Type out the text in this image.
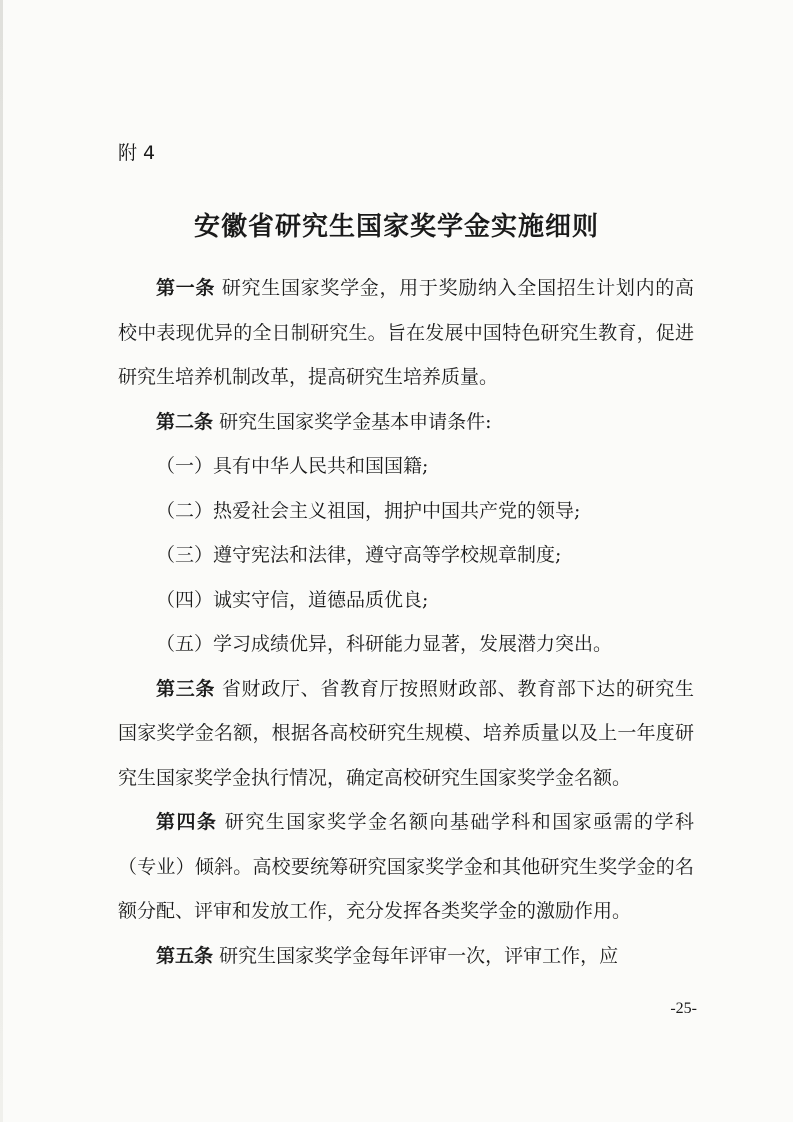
附 4
安徽省研究生国家奖学金实施细则

第一条 研究生国家奖学金，用于奖励纳入全国招生计划内的高校中表现优异的全日制研究生。旨在发展中国特色研究生教育，促进研究生培养机制改革，提高研究生培养质量。

第二条 研究生国家奖学金基本申请条件:

（一）具有中华人民共和国国籍;

（二）热爱社会主义祖国，拥护中国共产党的领导;

（三）遵守宪法和法律，遵守高等学校规章制度;

（四）诚实守信，道德品质优良;

（五）学习成绩优异，科研能力显著，发展潜力突出。

第三条 省财政厅、省教育厅按照财政部、教育部下达的研究生国家奖学金名额，根据各高校研究生规模、培养质量以及上一年度研究生国家奖学金执行情况，确定高校研究生国家奖学金名额。

第四条 研究生国家奖学金名额向基础学科和国家亟需的学科（专业）倾斜。高校要统筹研究国家奖学金和其他研究生奖学金的名额分配、评审和发放工作，充分发挥各类奖学金的激励作用。

第五条 研究生国家奖学金每年评审一次，评审工作，应

-25-
